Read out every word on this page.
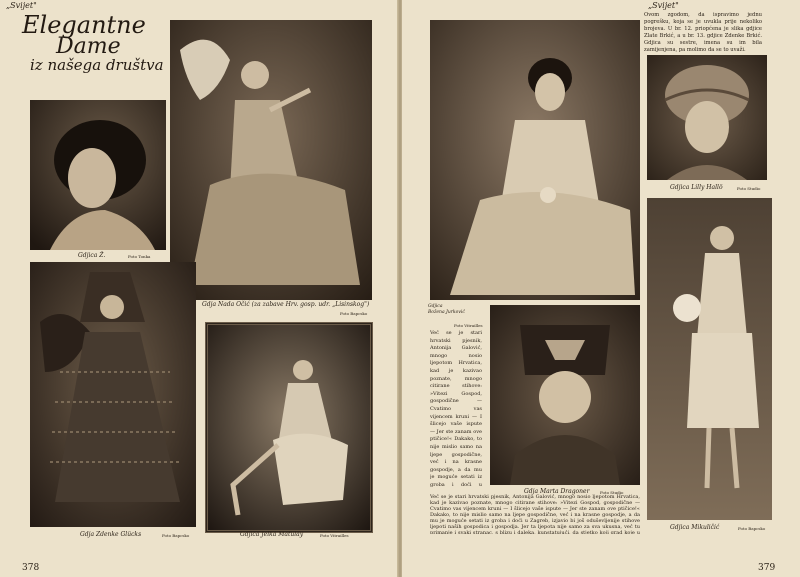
„Svijet"
Elegantne
Dame
iz našega društva
Gdjica Ž.	Foto Tonka
Gdja Nada Očić (za zabave Hrv. gosp. udr. „Lisinskog")
Foto Bapcsko
Gdja Zdenke Glücks	Foto Bapcsko	Gdjica Jelka Matulay	Foto Vitrailles
378
„Svijet"
Ovom zgodom, da ispravimo jednu pogrešku, koja se je uvukla prije nekoliko brojeva. U br. 12. priopćena je slika gdjice Zlate Brkić, a u br. 13. gdjice Zdenke Brkić. Gdjica su sestre, imena su im bila zamijenjena, pa molimo da se to uvaži.
Gdjica Lilly Hallö	Foto Studio
Gdjica Mikuličić	Foto Bapcsko
Gdjica
Božena Jurković
Foto Vitrailles
Već se je stari hrvatski pjesnik, Antonija Galović, mnogo nosio ljepotom Hrvatica, kad je kazivao poznate, mnogo citirane stihove: »Vitezi Gospod, gospodične — Cvatimo vas vijencem kruni — I šlicejo vaše ispute — Jer ste zanam ove ptičice!« Dakako, to nije mislio samo na ljepe gospodične, već i na krasne gospodje, a da mu je moguće setati iz groba i doći u
Gdja Marta Dragoner	Foto Studio
Već se je stari hrvatski pjesnik, Antonija Galović, mnogo nosio ljepotom Hrvatica, kad je kazivao poznate, mnogo citirane stihove: »Vitezi Gospod, gospodične — Cvatimo vas vijencem kruni — I šlicejo vaše ispute — Jer ste zanam ove ptičice!« Dakako, to nije mislio samo na ljepe gospodične, već i na krasne gospodje, a da mu je moguće setati iz groba i doći u Zagreb, izjavio bi još oduševljenije stihove ljepoti naših gospodica i gospodja. Jer ta ljepota nije samo za sva ukusna, već tu primanje i svaki stranac, s blizu i daleka, kunstatujući, da stjetko koji grad koje u
379
